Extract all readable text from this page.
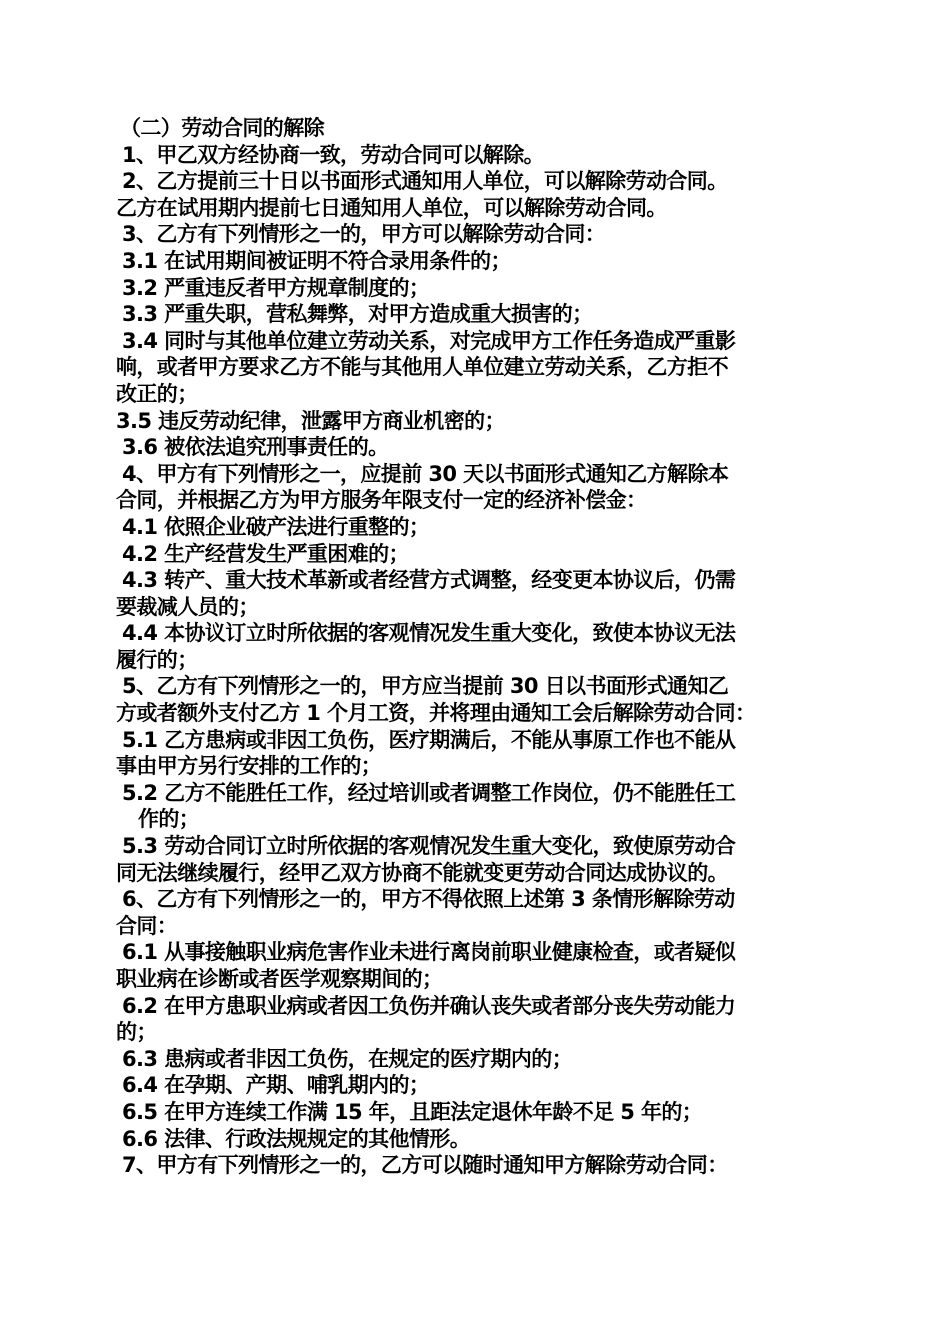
（二）劳动合同的解除
1、甲乙双方经协商一致，劳动合同可以解除。
2、乙方提前三十日以书面形式通知用人单位，可以解除劳动合同。
乙方在试用期内提前七日通知用人单位，可以解除劳动合同。
3、乙方有下列情形之一的，甲方可以解除劳动合同：
3.1 在试用期间被证明不符合录用条件的；
3.2 严重违反者甲方规章制度的；
3.3 严重失职，营私舞弊，对甲方造成重大损害的；
3.4 同时与其他单位建立劳动关系，对完成甲方工作任务造成严重影
响，或者甲方要求乙方不能与其他用人单位建立劳动关系，乙方拒不
改正的；
3.5 违反劳动纪律，泄露甲方商业机密的；
3.6 被依法追究刑事责任的。
4、甲方有下列情形之一，应提前 30 天以书面形式通知乙方解除本
合同，并根据乙方为甲方服务年限支付一定的经济补偿金：
4.1 依照企业破产法进行重整的；
4.2 生产经营发生严重困难的；
4.3 转产、重大技术革新或者经营方式调整，经变更本协议后，仍需
要裁减人员的；
4.4 本协议订立时所依据的客观情况发生重大变化，致使本协议无法
履行的；
5、乙方有下列情形之一的，甲方应当提前 30 日以书面形式通知乙
方或者额外支付乙方 1 个月工资，并将理由通知工会后解除劳动合同：
5.1 乙方患病或非因工负伤，医疗期满后，不能从事原工作也不能从
事由甲方另行安排的工作的；
5.2 乙方不能胜任工作，经过培训或者调整工作岗位，仍不能胜任工
作的；
5.3 劳动合同订立时所依据的客观情况发生重大变化，致使原劳动合
同无法继续履行，经甲乙双方协商不能就变更劳动合同达成协议的。
6、乙方有下列情形之一的，甲方不得依照上述第 3 条情形解除劳动
合同：
6.1 从事接触职业病危害作业未进行离岗前职业健康检查，或者疑似
职业病在诊断或者医学观察期间的；
6.2 在甲方患职业病或者因工负伤并确认丧失或者部分丧失劳动能力
的；
6.3 患病或者非因工负伤，在规定的医疗期内的；
6.4 在孕期、产期、哺乳期内的；
6.5 在甲方连续工作满 15 年，且距法定退休年龄不足 5 年的；
6.6 法律、行政法规规定的其他情形。
7、甲方有下列情形之一的，乙方可以随时通知甲方解除劳动合同：
